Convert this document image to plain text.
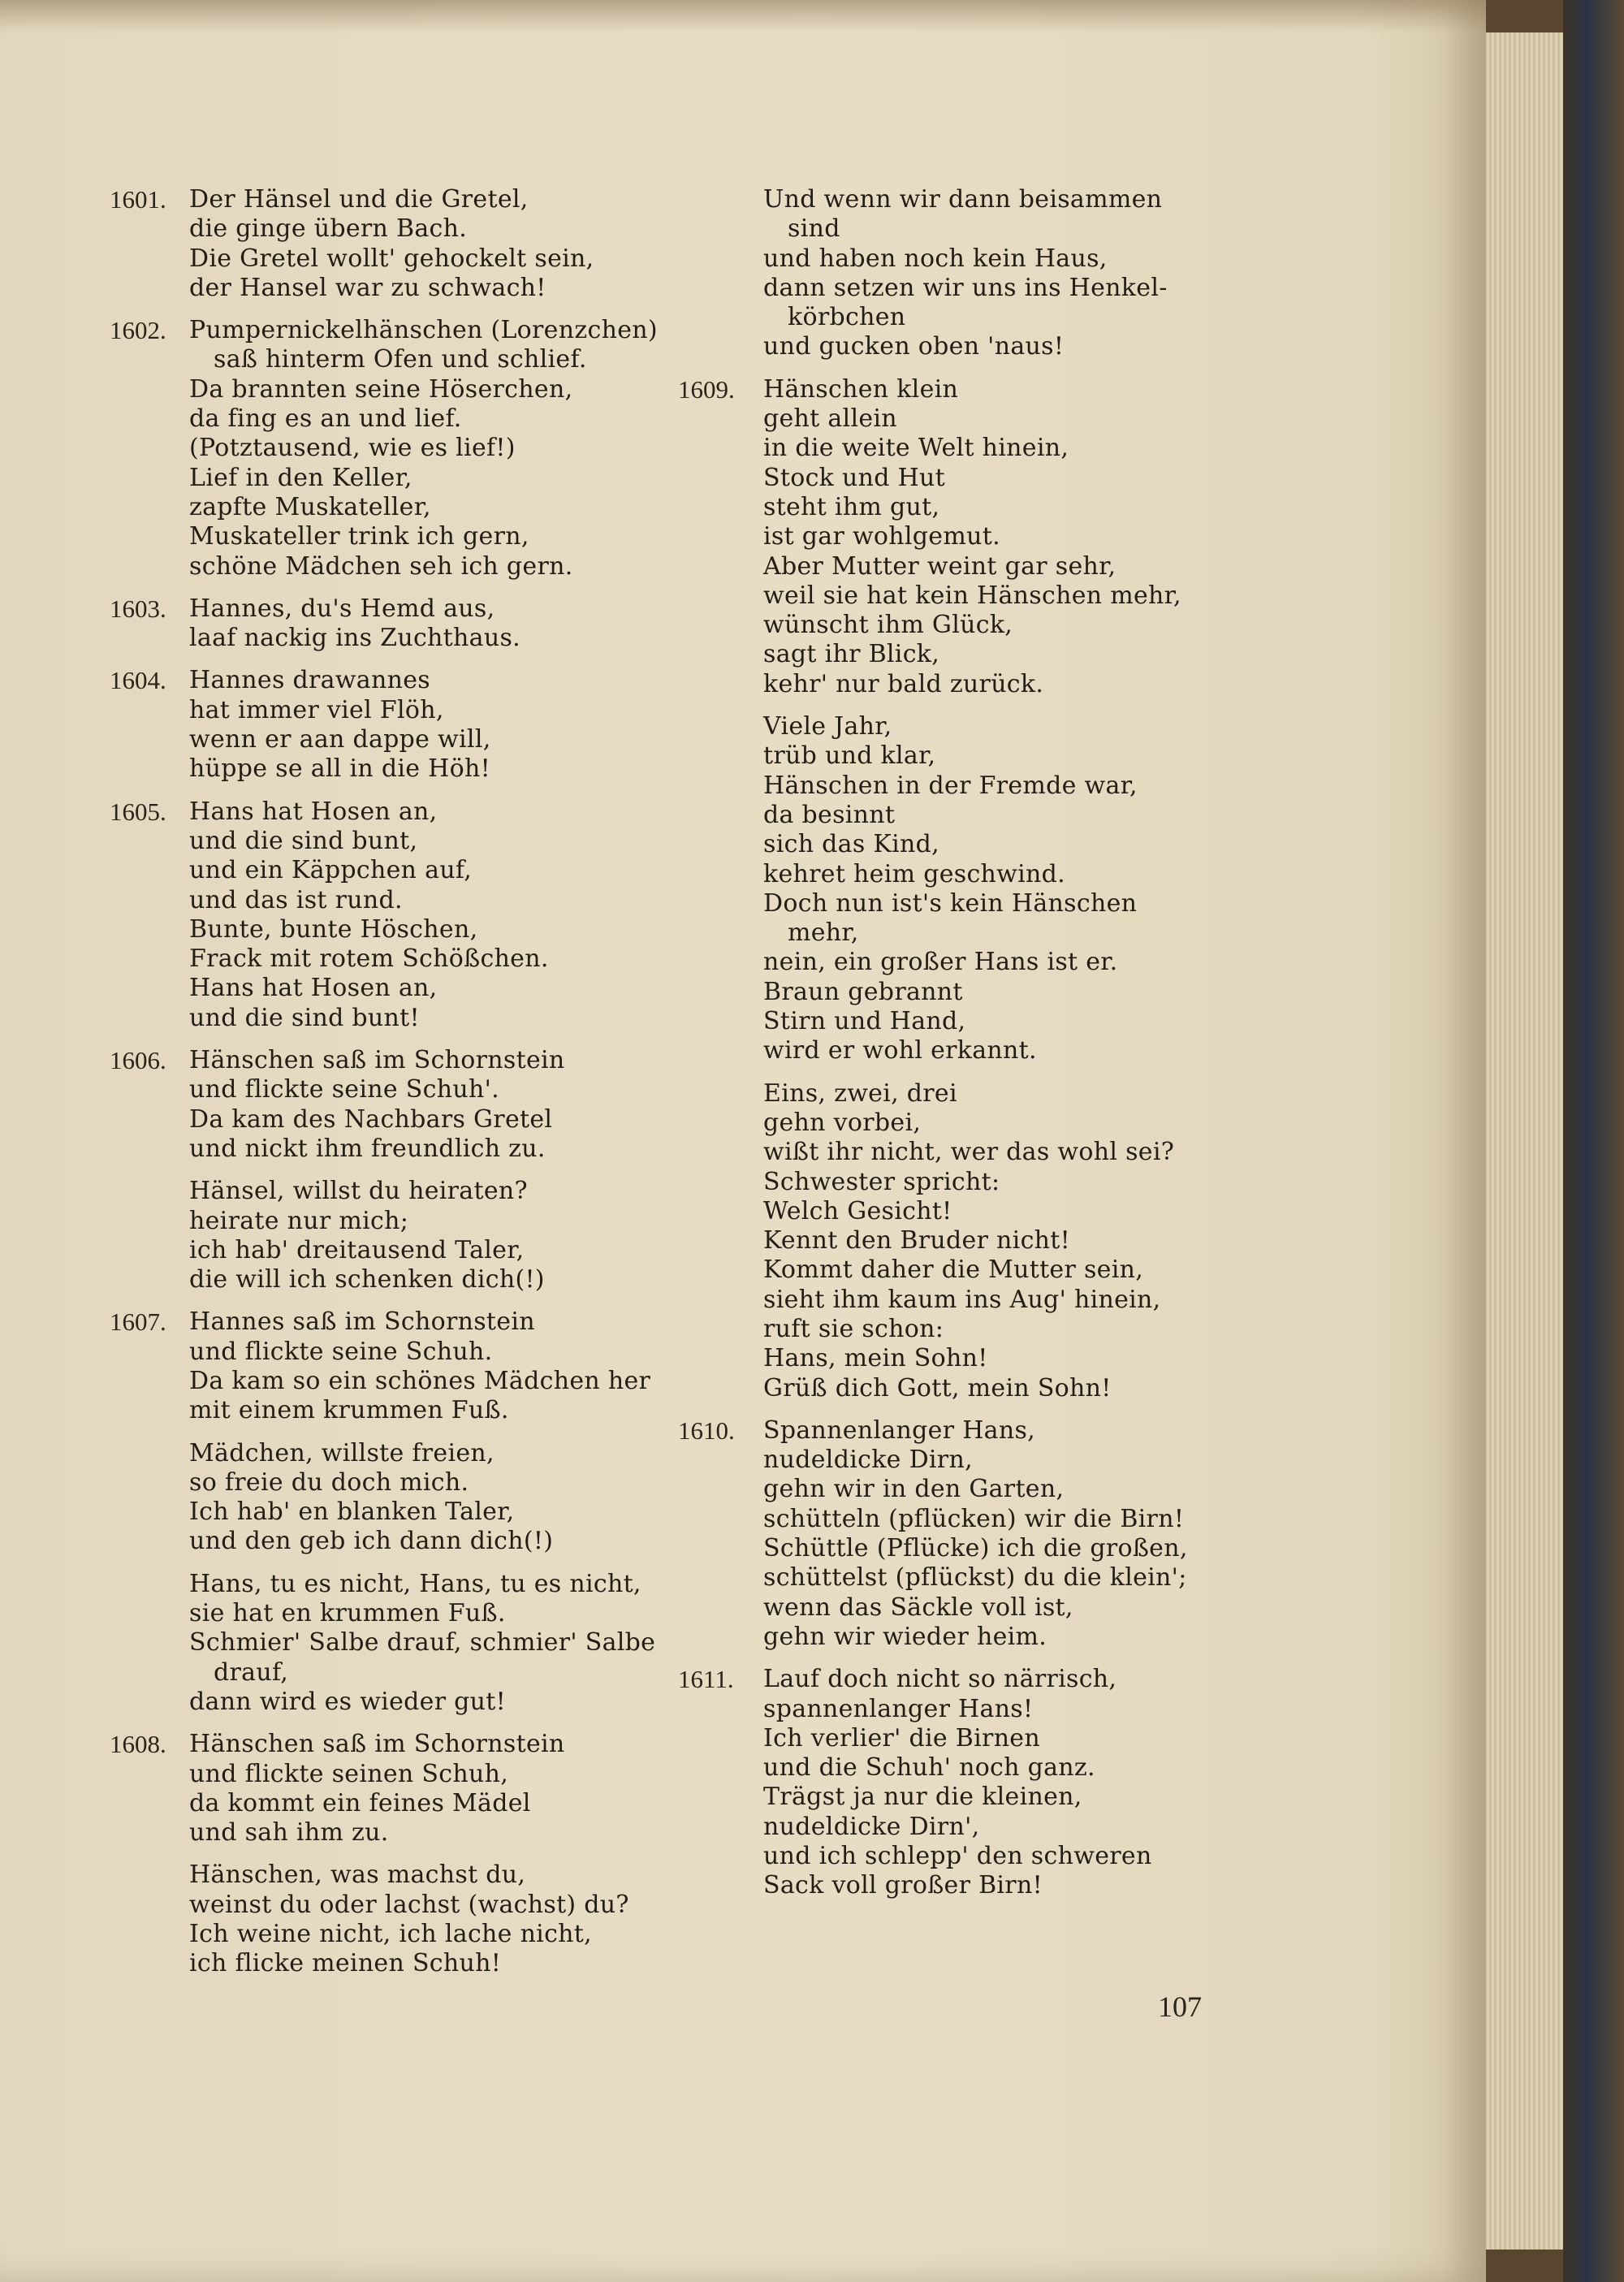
1601. Der Hänsel und die Gretel,
die ginge übern Bach.
Die Gretel wollt' gehockelt sein,
der Hansel war zu schwach!
1602. Pumpernickelhänschen (Lorenzchen)
saß hinterm Ofen und schlief.
Da brannten seine Höserchen,
da fing es an und lief.
(Potztausend, wie es lief!)
Lief in den Keller,
zapfte Muskateller,
Muskateller trink ich gern,
schöne Mädchen seh ich gern.
1603. Hannes, du's Hemd aus,
laaf nackig ins Zuchthaus.
1604. Hannes drawannes
hat immer viel Flöh,
wenn er aan dappe will,
hüppe se all in die Höh!
1605. Hans hat Hosen an,
und die sind bunt,
und ein Käppchen auf,
und das ist rund.
Bunte, bunte Höschen,
Frack mit rotem Schößchen.
Hans hat Hosen an,
und die sind bunt!
1606. Hänschen saß im Schornstein
und flickte seine Schuh'.
Da kam des Nachbars Gretel
und nickt ihm freundlich zu.
Hänsel, willst du heiraten?
heirate nur mich;
ich hab' dreitausend Taler,
die will ich schenken dich(!)
1607. Hannes saß im Schornstein
und flickte seine Schuh.
Da kam so ein schönes Mädchen her
mit einem krummen Fuß.
Mädchen, willste freien,
so freie du doch mich.
Ich hab' en blanken Taler,
und den geb ich dann dich(!)
Hans, tu es nicht, Hans, tu es nicht,
sie hat en krummen Fuß.
Schmier' Salbe drauf, schmier' Salbe
drauf,
dann wird es wieder gut!
1608. Hänschen saß im Schornstein
und flickte seinen Schuh,
da kommt ein feines Mädel
und sah ihm zu.
Hänschen, was machst du,
weinst du oder lachst (wachst) du?
Ich weine nicht, ich lache nicht,
ich flicke meinen Schuh!
Und wenn wir dann beisammen
sind
und haben noch kein Haus,
dann setzen wir uns ins Henkel-
körbchen
und gucken oben 'naus!
1609.	Hänschen klein
geht allein
in die weite Welt hinein,
Stock und Hut
steht ihm gut,
ist gar wohlgemut.
Aber Mutter weint gar sehr,
weil sie hat kein Hänschen mehr,
wünscht ihm Glück,
sagt ihr Blick,
kehr' nur bald zurück.
Viele Jahr,
trüb und klar,
Hänschen in der Fremde war,
da besinnt
sich das Kind,
kehret heim geschwind.
Doch nun ist's kein Hänschen
mehr,
nein, ein großer Hans ist er.
Braun gebrannt
Stirn und Hand,
wird er wohl erkannt.
Eins, zwei, drei
gehn vorbei,
wißt ihr nicht, wer das wohl sei?
Schwester spricht:
Welch Gesicht!
Kennt den Bruder nicht!
Kommt daher die Mutter sein,
sieht ihm kaum ins Aug' hinein,
ruft sie schon:
Hans, mein Sohn!
Grüß dich Gott, mein Sohn!
1610.	Spannenlanger Hans,
nudeldicke Dirn,
gehn wir in den Garten,
schütteln (pflücken) wir die Birn!
Schüttle (Pflücke) ich die großen,
schüttelst (pflückst) du die klein';
wenn das Säckle voll ist,
gehn wir wieder heim.
1611.	Lauf doch nicht so närrisch,
spannenlanger Hans!
Ich verlier' die Birnen
und die Schuh' noch ganz.
Trägst ja nur die kleinen,
nudeldicke Dirn',
und ich schlepp' den schweren
Sack voll großer Birn!
107
